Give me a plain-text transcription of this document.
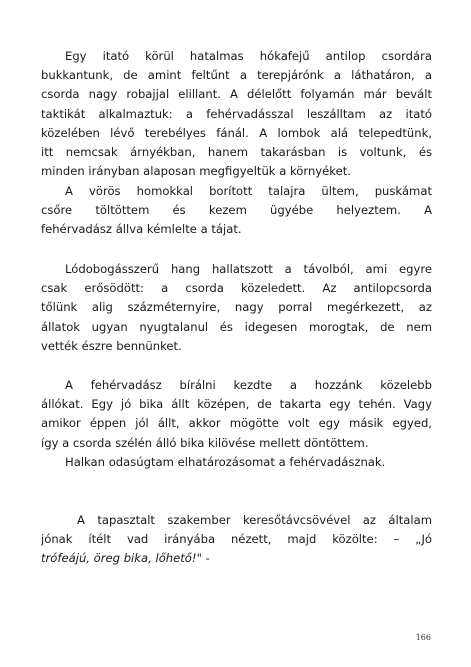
Egy itató körül hatalmas hókafejű antilop csordára
bukkantunk, de amint feltűnt a terepjárónk a láthatáron, a
csorda nagy robajjal elillant. A délelőtt folyamán már bevált
taktikát alkalmaztuk: a fehérvadásszal leszálltam az itató
közelében lévő terebélyes fánál. A lombok alá telepedtünk,
itt nemcsak árnyékban, hanem takarásban is voltunk, és
minden irányban alaposan megfigyeltük a környéket.
A vörös homokkal borított talajra ültem, puskámat
csőre töltöttem és kezem ügyébe helyeztem. A
fehérvadász állva kémlelte a tájat.
Lódobogásszerű hang hallatszott a távolból, ami egyre
csak erősödött: a csorda közeledett. Az antilopcsorda
tőlünk alig százméternyire, nagy porral megérkezett, az
állatok ugyan nyugtalanul és idegesen morogtak, de nem
vették észre bennünket.
A fehérvadász bírálni kezdte a hozzánk közelebb
állókat. Egy jó bika állt középen, de takarta egy tehén. Vagy
amikor éppen jól állt, akkor mögötte volt egy másik egyed,
így a csorda szélén álló bika kilövése mellett döntöttem.
Halkan odasúgtam elhatározásomat a fehérvadásznak.
A tapasztalt szakember keresőtávcsövével az általam
jónak ítélt vad irányába nézett, majd közölte: – „Jó
trófeájú, öreg bika, lőhető!" -
166
